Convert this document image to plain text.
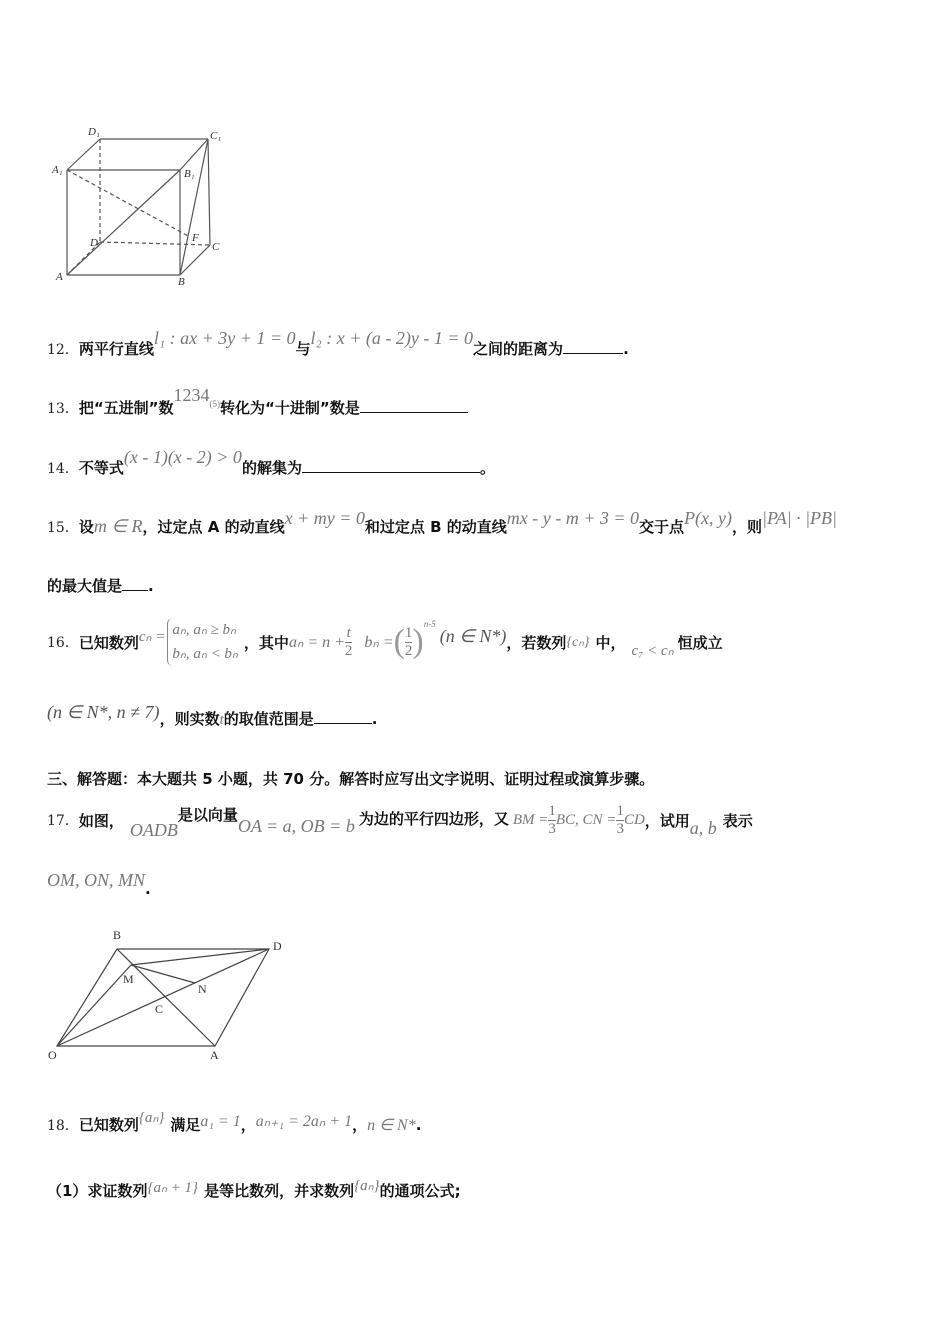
D₁	C₁
A₁	B₁
D	F
C
A	B
12．两平行直线l₁ : ax + 3y + 1 = 0与l₂ : x + (a - 2)y - 1 = 0之间的距离为	.
13．把“五进制”数1234$^{(5)}$转化为“十进制”数是
14．不等式(x - 1)(x - 2) > 0的解集为	。
15．设m ∈ R，过定点 A 的动直线x + my = 0和过定点 B 的动直线mx - y - m + 3 = 0交于点P(x, y)，则|PA| · |PB|
的最大值是 .
16． 已知数列 cₙ = aₙ, aₙ ≥ bₙ
bₙ, aₙ < bₙ
，其中 $a_n = n + \frac{t}{2}$ bₙ = ( $\frac{1}{2}$ ) n-5
(n ∈ N*) ，若数列 {cₙ} 中， c₇ < cₙ 恒成立
(n ∈ N*, n ≠ 7)，则实数t的取值范围是	.
三、解答题：本大题共 5 小题，共 70 分。解答时应写出文字说明、证明过程或演算步骤。
17． 如图， OADB
是以向量
OA = a, OB = b 为边的平行四边形，又 BM = $\frac{1}{3}$ BC, CN = $\frac{1}{3}$ CD ，试用 a, b 表示
OM, ON, MN.
B
D
M
N
C
O	A
18．已知数列{aₙ} 满足a₁ = 1，aₙ₊₁ = 2aₙ + 1，n ∈ N*.
（1）求证数列{aₙ + 1} 是等比数列，并求数列{aₙ}的通项公式;
